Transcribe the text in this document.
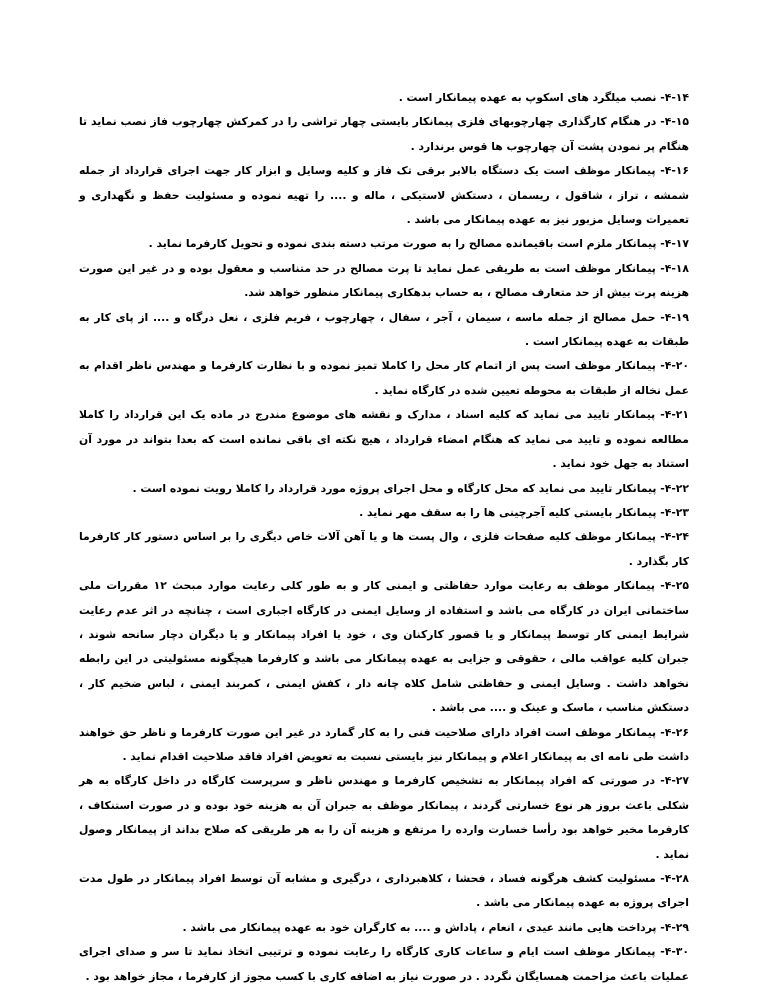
۴-۱۴- نصب میلگرد های اسکوپ به عهده پیمانکار است .

۴-۱۵- در هنگام کارگذاری چهارچوبهای فلزی پیمانکار بایستی چهار تراشی را در کمرکش چهارچوب فاز نصب نماید تا هنگام پر نمودن پشت آن چهارچوب ها قوس برندارد .

۴-۱۶- پیمانکار موظف است یک دستگاه بالابر برقی تک فاز و کلیه وسایل و ابزار کار جهت اجرای قرارداد از جمله شمشه ، تراز ، شاقول ، ریسمان ، دستکش لاستیکی ، ماله و .... را تهیه نموده و مسئولیت حفظ و نگهداری و تعمیرات وسایل مزبور نیز به عهده پیمانکار می باشد .

۴-۱۷- پیمانکار ملزم است باقیمانده مصالح را به صورت مرتب دسته بندی نموده و تحویل کارفرما نماید .

۴-۱۸- پیمانکار موظف است به طریقی عمل نماید تا پرت مصالح در حد متناسب و معقول بوده و در غیر این صورت هزینه پرت بیش از حد متعارف مصالح ، به حساب بدهکاری پیمانکار منظور خواهد شد.

۴-۱۹- حمل مصالح از جمله ماسه ، سیمان ، آجر ، سفال ، چهارچوب ، فریم فلزی ، نعل درگاه و .... از پای کار به طبقات به عهده پیمانکار است .

۴-۲۰- پیمانکار موظف است پس از اتمام کار محل را کاملا تمیز نموده و با نظارت کارفرما و مهندس ناظر اقدام به عمل نخاله از طبقات به محوطه تعیین شده در کارگاه نماید .

۴-۲۱- پیمانکار تایید می نماید که کلیه اسناد ، مدارک و نقشه های موضوع مندرج در ماده یک این قرارداد را کاملا مطالعه نموده و تایید می نماید که هنگام امضاء قرارداد ، هیچ نکته ای باقی نمانده است که بعدا بتواند در مورد آن استناد به جهل خود نماید .

۴-۲۲- پیمانکار تایید می نماید که محل کارگاه و محل اجرای پروژه مورد قرارداد را کاملا رویت نموده است .

۴-۲۳- پیمانکار بایستی کلیه آجرچینی ها را به سقف مهر نماید .

۴-۲۴- پیمانکار موظف کلیه صفحات فلزی ، وال پست ها و یا آهن آلات خاص دیگری را بر اساس دستور کار کارفرما کار بگذارد .

۴-۲۵- پیمانکار موظف به رعایت موارد حفاظتی و ایمنی کار و به طور کلی رعایت موارد مبحث ۱۲ مقررات ملی ساختمانی ایران در کارگاه می باشد و استفاده از وسایل ایمنی در کارگاه اجباری است ، چنانچه در اثر عدم رعایت شرایط ایمنی کار توسط پیمانکار و یا قصور کارکنان وی ، خود یا افراد پیمانکار و یا دیگران دچار سانحه شوند ، جبران کلیه عواقب مالی ، حقوقی و جزایی به عهده پیمانکار می باشد و کارفرما هیچگونه مسئولیتی در این رابطه نخواهد داشت . وسایل ایمنی و حفاظتی شامل کلاه چانه دار ، کفش ایمنی ، کمربند ایمنی ، لباس ضخیم کار ، دستکش مناسب ، ماسک و عینک و .... می باشد .

۴-۲۶- پیمانکار موظف است افراد دارای صلاحیت فنی را به کار گمارد در غیر این صورت کارفرما و ناظر حق خواهند داشت طی نامه ای به پیمانکار اعلام و پیمانکار نیز بایستی نسبت به تعویض افراد فاقد صلاحیت اقدام نماید .

۴-۲۷- در صورتی که افراد پیمانکار به تشخیص کارفرما و مهندس ناظر و سرپرست کارگاه در داخل کارگاه به هر شکلی باعث بروز هر نوع خسارتی گردند ، پیمانکار موظف به جبران آن به هزینه خود بوده و در صورت استنکاف ، کارفرما مخیر خواهد بود رأسا خسارت وارده را مرتفع و هزینه آن را به هر طریقی که صلاح بداند از پیمانکار وصول نماید .

۴-۲۸- مسئولیت کشف هرگونه فساد ، فحشا ، کلاهبرداری ، درگیری و مشابه آن توسط افراد پیمانکار در طول مدت اجرای پروژه به عهده پیمانکار می باشد .

۴-۲۹- پرداخت هایی مانند عیدی ، انعام ، پاداش و .... به کارگران خود به عهده پیمانکار می باشد .

۴-۳۰- پیمانکار موظف است ایام و ساعات کاری کارگاه را رعایت نموده و ترتیبی اتخاذ نماید تا سر و صدای اجرای عملیات باعث مزاحمت همسایگان نگردد . در صورت نیاز به اضافه کاری با کسب مجوز از کارفرما ، مجاز خواهد بود .
